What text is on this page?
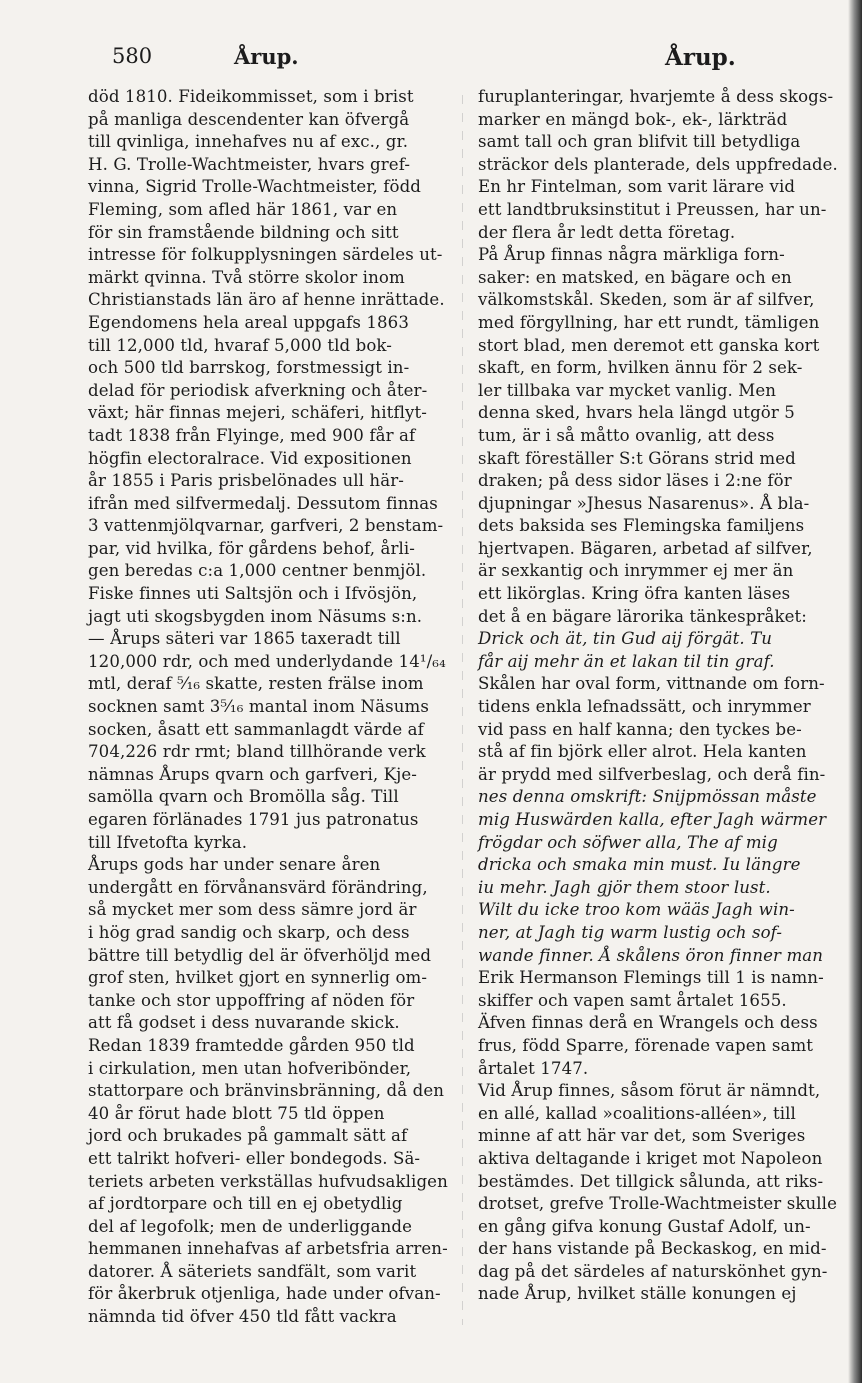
580	Årup.	Årup.
död 1810. Fideikommisset, som i brist
på manliga descendenter kan öfvergå
till qvinliga, innehafves nu af exc., gr.
H. G. Trolle-Wachtmeister, hvars gref-
vinna, Sigrid Trolle-Wachtmeister, född
Fleming, som afled här 1861, var en
för sin framstående bildning och sitt
intresse för folkupplysningen särdeles ut-
märkt qvinna. Två större skolor inom
Christianstads län äro af henne inrättade.
Egendomens hela areal uppgafs 1863
till 12,000 tld, hvaraf 5,000 tld bok-
och 500 tld barrskog, forstmessigt in-
delad för periodisk afverkning och åter-
växt; här finnas mejeri, schäferi, hitflyt-
tadt 1838 från Flyinge, med 900 får af
högfin electoralrace. Vid expositionen
år 1855 i Paris prisbelönades ull här-
ifrån med silfvermedalj. Dessutom finnas
3 vattenmjölqvarnar, garfveri, 2 benstam-
par, vid hvilka, för gårdens behof, årli-
gen beredas c:a 1,000 centner benmjöl.
Fiske finnes uti Saltsjön och i Ifvösjön,
jagt uti skogsbygden inom Näsums s:n.
— Årups säteri var 1865 taxeradt till
120,000 rdr, och med underlydande 14¹/₆₄
mtl, deraf ⁵⁄₁₆ skatte, resten frälse inom
socknen samt 3⁵⁄₁₆ mantal inom Näsums
socken, åsatt ett sammanlagdt värde af
704,226 rdr rmt; bland tillhörande verk
nämnas Årups qvarn och garfveri, Kje-
samölla qvarn och Bromölla såg. Till
egaren förlänades 1791 jus patronatus
till Ifvetofta kyrka.
Årups gods har under senare åren
undergått en förvånansvärd förändring,
så mycket mer som dess sämre jord är
i hög grad sandig och skarp, och dess
bättre till betydlig del är öfverhöljd med
grof sten, hvilket gjort en synnerlig om-
tanke och stor uppoffring af nöden för
att få godset i dess nuvarande skick.
Redan 1839 framtedde gården 950 tld
i cirkulation, men utan hofveribönder,
stattorpare och bränvinsbränning, då den
40 år förut hade blott 75 tld öppen
jord och brukades på gammalt sätt af
ett talrikt hofveri- eller bondegods. Sä-
teriets arbeten verkställas hufvudsakligen
af jordtorpare och till en ej obetydlig
del af legofolk; men de underliggande
hemmanen innehafvas af arbetsfria arren-
datorer. Å säteriets sandfält, som varit
för åkerbruk otjenliga, hade under ofvan-
nämnda tid öfver 450 tld fått vackra
furuplanteringar, hvarjemte å dess skogs-
marker en mängd bok-, ek-, lärkträd
samt tall och gran blifvit till betydliga
sträckor dels planterade, dels uppfredade.
En hr Fintelman, som varit lärare vid
ett landtbruksinstitut i Preussen, har un-
der flera år ledt detta företag.
På Årup finnas några märkliga forn-
saker: en matsked, en bägare och en
välkomstskål. Skeden, som är af silfver,
med förgyllning, har ett rundt, tämligen
stort blad, men deremot ett ganska kort
skaft, en form, hvilken ännu för 2 sek-
ler tillbaka var mycket vanlig. Men
denna sked, hvars hela längd utgör 5
tum, är i så måtto ovanlig, att dess
skaft föreställer S:t Görans strid med
draken; på dess sidor läses i 2:ne för
djupningar »Jhesus Nasarenus». Å bla-
dets baksida ses Flemingska familjens
hjertvapen. Bägaren, arbetad af silfver,
är sexkantig och inrymmer ej mer än
ett likörglas. Kring öfra kanten läses
det å en bägare lärorika tänkespråket:
Drick och ät, tin Gud aij förgät. Tu
får aij mehr än et lakan til tin graf.
Skålen har oval form, vittnande om forn-
tidens enkla lefnadssätt, och inrymmer
vid pass en half kanna; den tyckes be-
stå af fin björk eller alrot. Hela kanten
är prydd med silfverbeslag, och derå fin-
nes denna omskrift: Snijpmössan måste
mig Huswärden kalla, efter Jagh wärmer
frögdar och söfwer alla, The af mig
dricka och smaka min must. Iu längre
iu mehr. Jagh gjör them stoor lust.
Wilt du icke troo kom wääs Jagh win-
ner, at Jagh tig warm lustig och sof-
wande finner. Å skålens öron finner man
Erik Hermanson Flemings till 1 is namn-
skiffer och vapen samt årtalet 1655.
Äfven finnas derå en Wrangels och dess
frus, född Sparre, förenade vapen samt
årtalet 1747.
Vid Årup finnes, såsom förut är nämndt,
en allé, kallad »coalitions-alléen», till
minne af att här var det, som Sveriges
aktiva deltagande i kriget mot Napoleon
bestämdes. Det tillgick sålunda, att riks-
drotset, grefve Trolle-Wachtmeister skulle
en gång gifva konung Gustaf Adolf, un-
der hans vistande på Beckaskog, en mid-
dag på det särdeles af naturskönhet gyn-
nade Årup, hvilket ställe konungen ej
